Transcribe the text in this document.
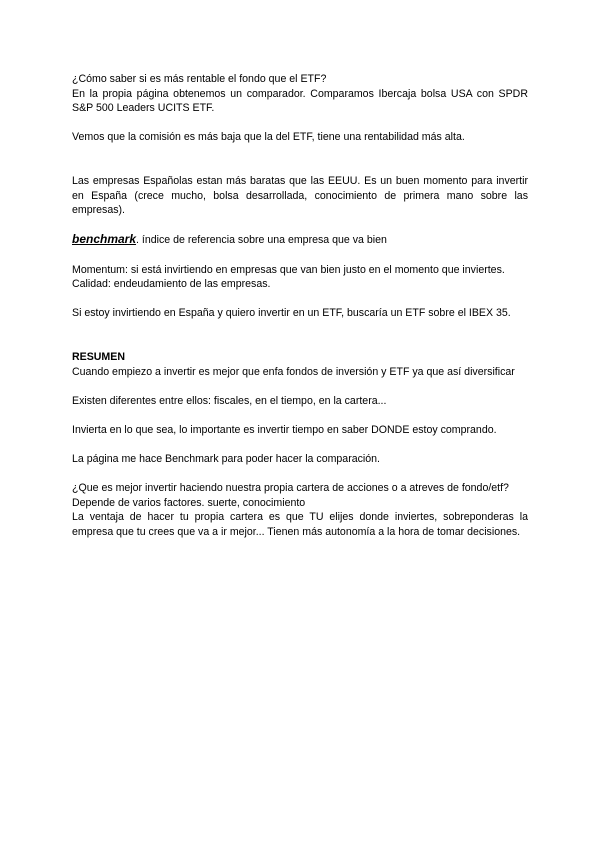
¿Cómo saber si es más rentable el fondo que el ETF?

En la propia página obtenemos un comparador. Comparamos Ibercaja bolsa USA con SPDR S&P 500 Leaders UCITS ETF.

Vemos que la comisión es más baja que la del ETF, tiene una rentabilidad más alta.

Las empresas Españolas estan más baratas que las EEUU. Es un buen momento para invertir en España (crece mucho, bolsa desarrollada, conocimiento de primera mano sobre las empresas).

benchmark. índice de referencia sobre una empresa que va bien

Momentum: si está invirtiendo en empresas que van bien justo en el momento que inviertes.

Calidad: endeudamiento de las empresas.

Si estoy invirtiendo en España y quiero invertir en un ETF, buscaría un ETF sobre el IBEX 35.

RESUMEN

Cuando empiezo a invertir es mejor que enfa fondos de inversión y ETF ya que así diversificar

Existen diferentes entre ellos: fiscales, en el tiempo, en la cartera...

Invierta en lo que sea, lo importante es invertir tiempo en saber DONDE estoy comprando.

La página me hace Benchmark para poder hacer la comparación.

¿Que es mejor invertir haciendo nuestra propia cartera de acciones o a atreves de fondo/etf?

Depende de varios factores. suerte, conocimiento

La ventaja de hacer tu propia cartera es que TU elijes donde inviertes, sobreponderas la empresa que tu crees que va a ir mejor... Tienen más autonomía a la hora de tomar decisiones.
